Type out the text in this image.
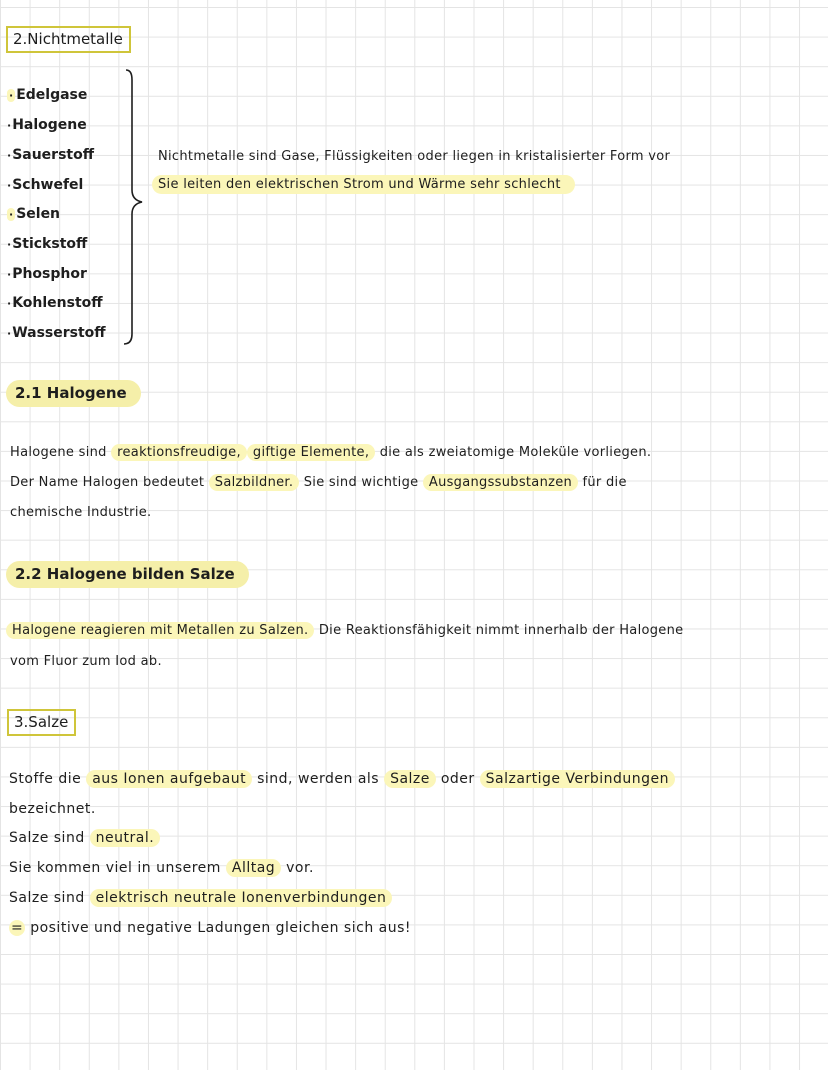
2.Nichtmetalle
· Edelgase
·Halogene
·Sauerstoff
·Schwefel
· Selen
·Stickstoff
·Phosphor
·Kohlenstoff
·Wasserstoff
Nichtmetalle sind Gase, Flüssigkeiten oder liegen in kristalisierter Form vor
Sie leiten den elektrischen Strom und Wärme sehr schlecht
2.1 Halogene
Halogene sind reaktionsfreudige, giftige Elemente, die als zweiatomige Moleküle vorliegen.
Der Name Halogen bedeutet Salzbildner. Sie sind wichtige Ausgangssubstanzen für die
chemische Industrie.
2.2 Halogene bilden Salze
Halogene reagieren mit Metallen zu Salzen. Die Reaktionsfähigkeit nimmt innerhalb der Halogene
vom Fluor zum Iod ab.
3.Salze
Stoffe die aus Ionen aufgebaut sind, werden als Salze oder Salzartige Verbindungen
bezeichnet.
Salze sind neutral.
Sie kommen viel in unserem Alltag vor.
Salze sind elektrisch neutrale Ionenverbindungen
= positive und negative Ladungen gleichen sich aus!
